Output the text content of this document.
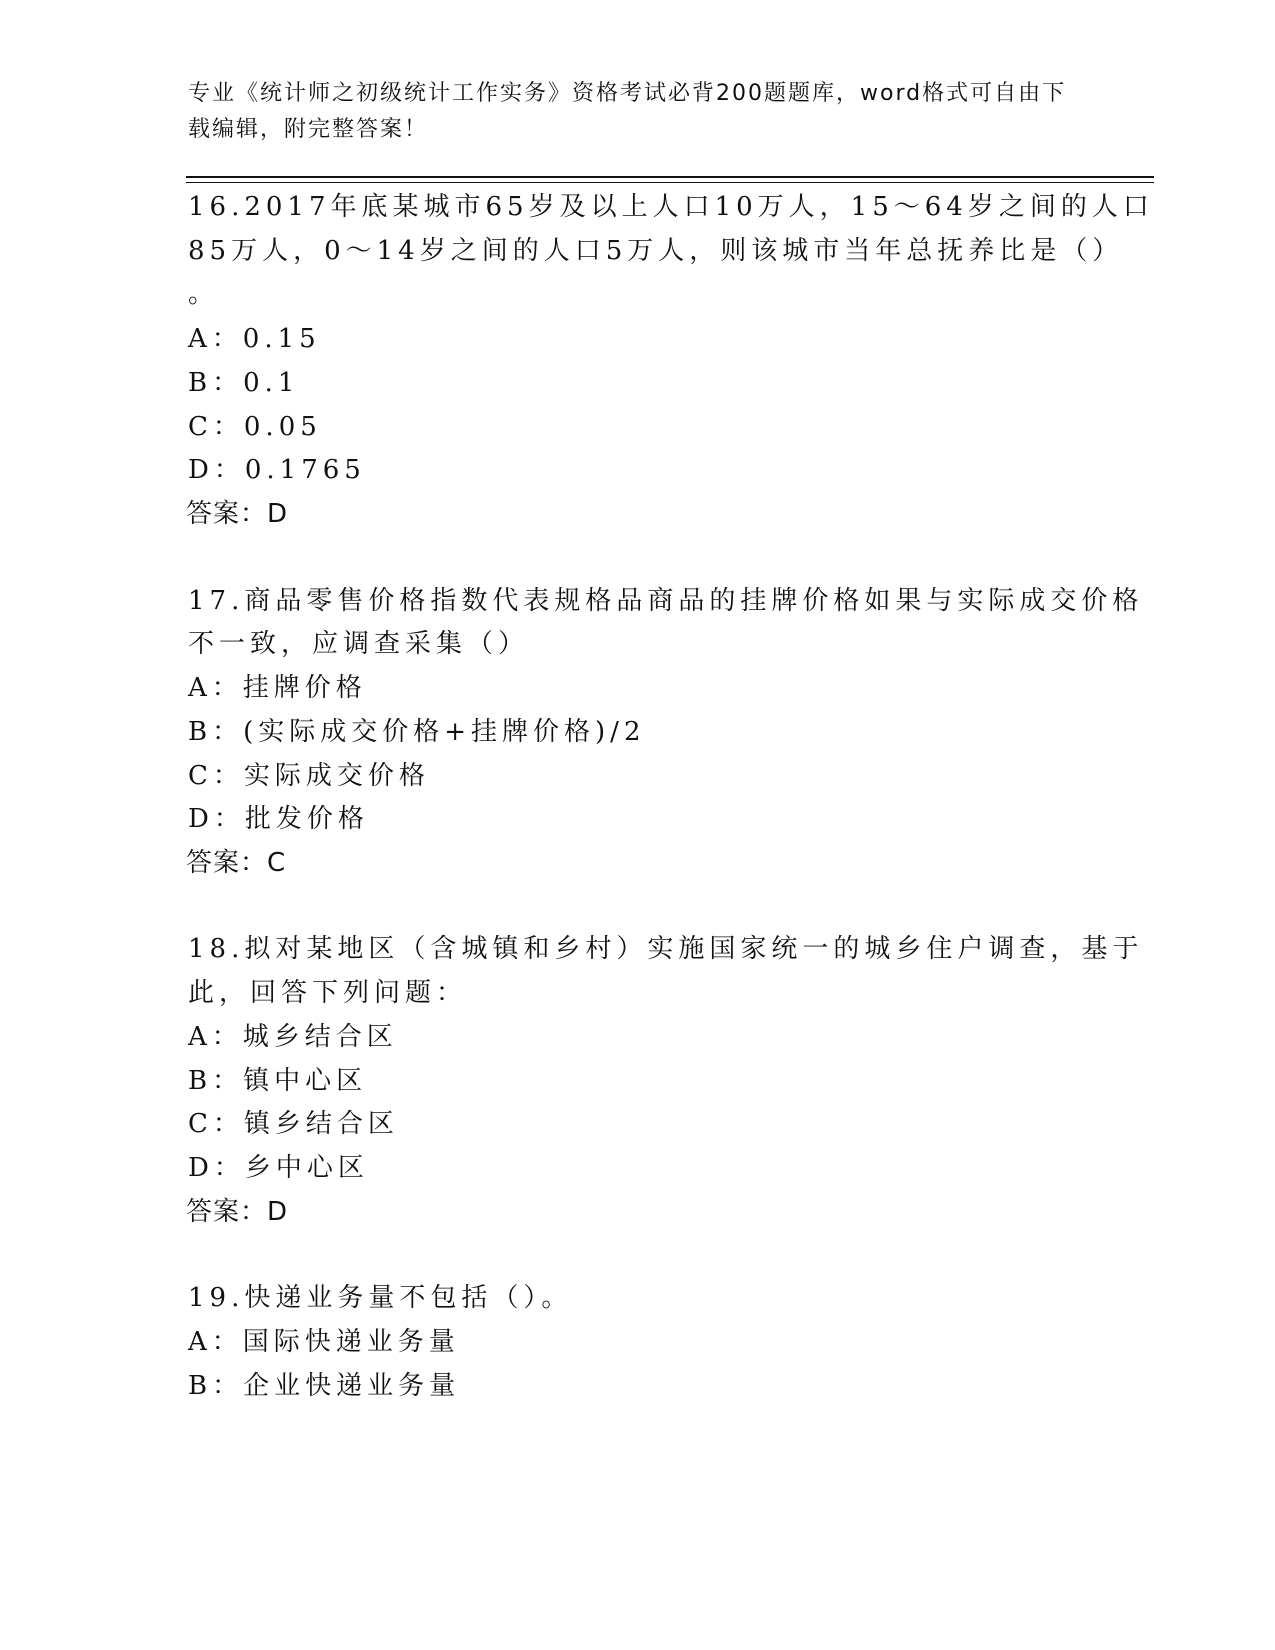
专业《统计师之初级统计工作实务》资格考试必背200题题库，word格式可自由下载编辑，附完整答案！
16.2017年底某城市65岁及以上人口10万人，15～64岁之间的人口
85万人，0～14岁之间的人口5万人，则该城市当年总抚养比是（）
。
A：0.15
B：0.1
C：0.05
D：0.1765
答案：D
17.商品零售价格指数代表规格品商品的挂牌价格如果与实际成交价格
不一致，应调查采集（）
A：挂牌价格
B：(实际成交价格+挂牌价格)/2
C：实际成交价格
D：批发价格
答案：C
18.拟对某地区（含城镇和乡村）实施国家统一的城乡住户调查，基于
此，回答下列问题：
A：城乡结合区
B：镇中心区
C：镇乡结合区
D：乡中心区
答案：D
19.快递业务量不包括（）。
A：国际快递业务量
B：企业快递业务量
